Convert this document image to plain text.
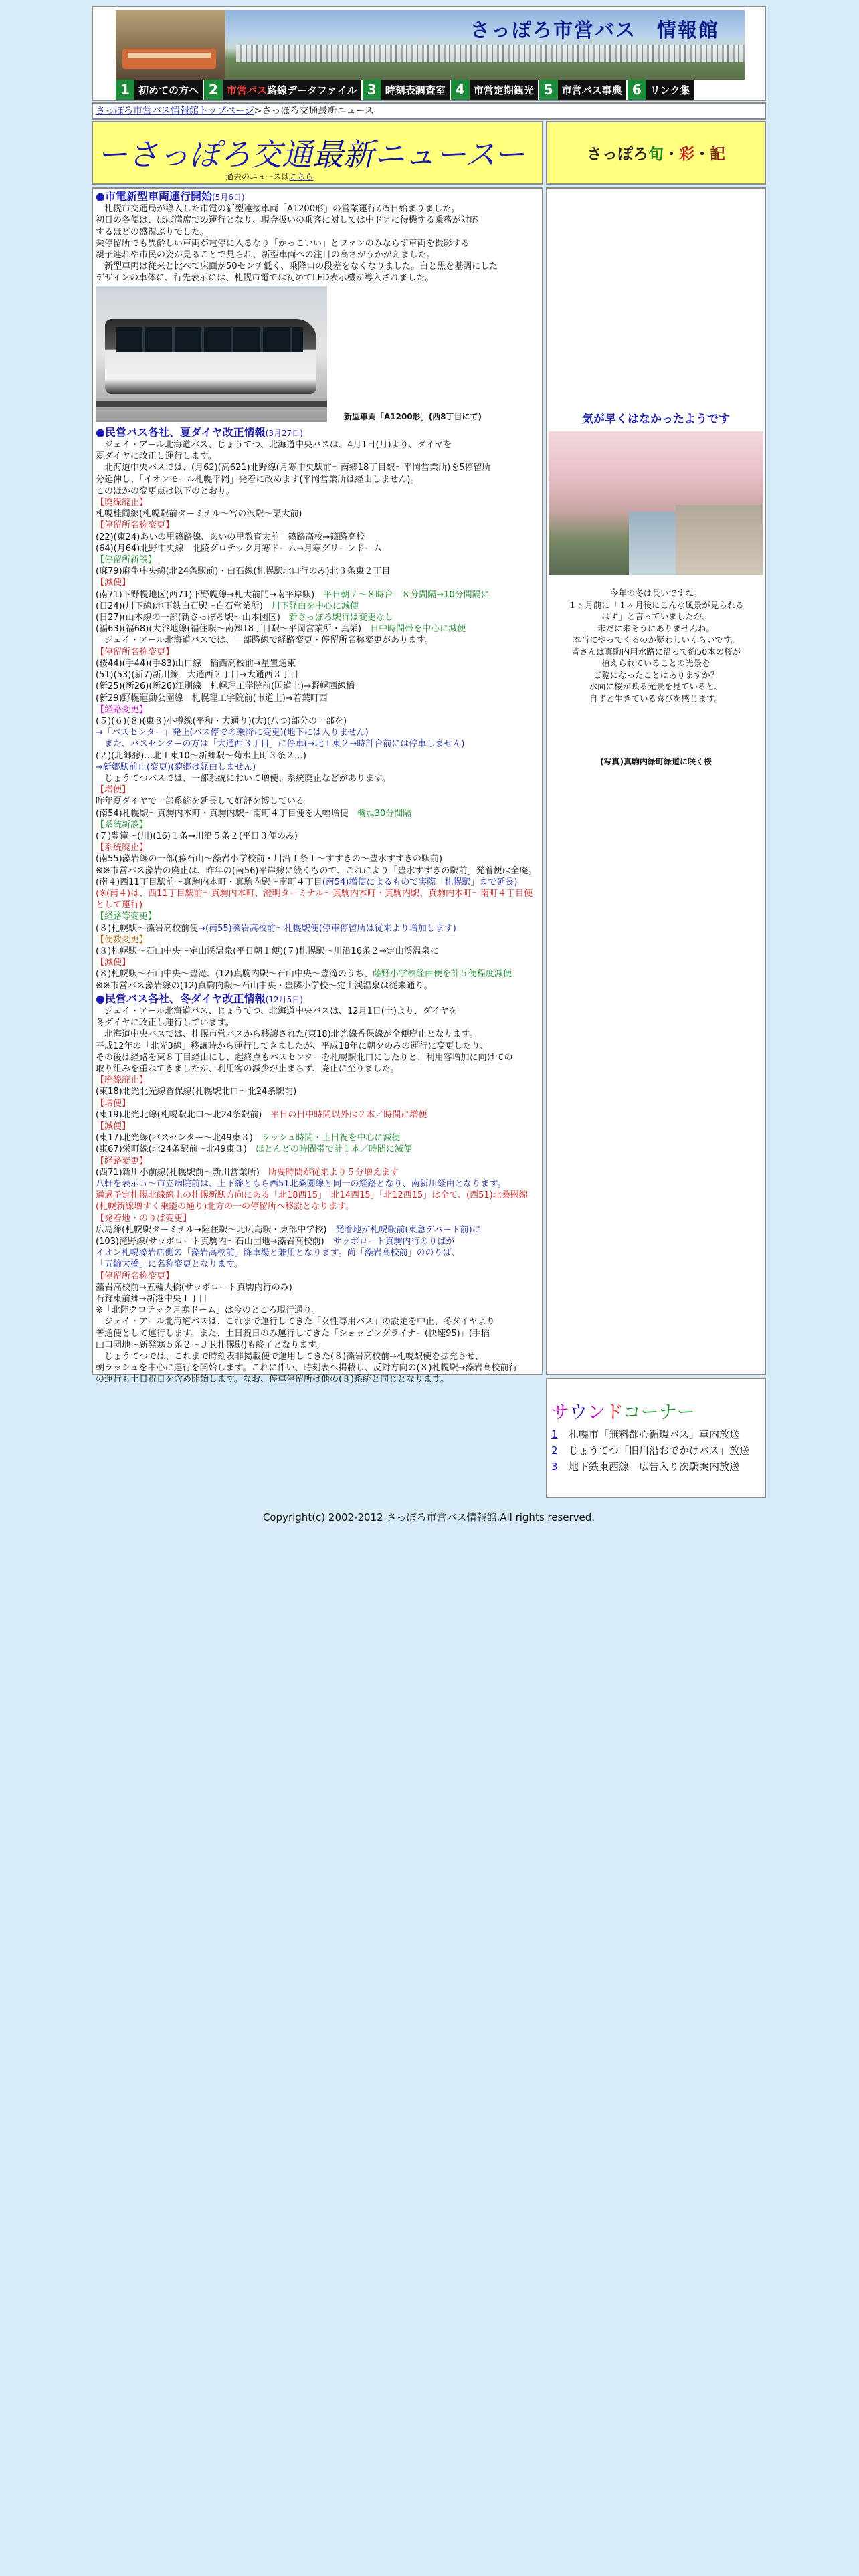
さっぽろ市営バス　情報館
1 初めての方へ 2 市営バス路線データファイル 3 時刻表調査室 4 市営定期観光 5 市営バス事典 6 リンク集
さっぽろ市営バス情報館トップページ>さっぽろ交通最新ニュース
ーさっぽろ交通最新ニュースー
過去のニュースはこちら
●市電新型車両運行開始(5月6日)
　札幌市交通局が導入した市電の新型連接車両「A1200形」の営業運行が5日始まりました。
初日の各便は、ほぼ満席での運行となり、現金扱いの乗客に対しては中ドアに待機する乗務が対応
するほどの盛況ぶりでした。
乗停留所でも異齢しい車両が電停に入るなり「かっこいい」とファンのみならず車両を撮影する
親子連れや市民の姿が見ることで見られ、新型車両への注目の高さがうかがえました。
　新型車両は従来と比べて床面が50センチ低く、乗降口の段差をなくなりました。白と黒を基調にした
デザインの車体に、行先表示には、札幌市電では初めてLED表示機が導入されました。
新型車両「A1200形」(西8丁目にて)
●民営バス各社、夏ダイヤ改正情報(3月27日)
　ジェイ・アール北海道バス、じょうてつ、北海道中央バスは、4月1日(月)より、ダイヤを
夏ダイヤに改正し運行します。
　北海道中央バスでは、(月62)(高621)北野線(月寒中央駅前～南郷18丁目駅～平岡営業所)を5停留所
分延伸し、「イオンモール札幌平岡」発着に改めます(平岡営業所は経由しません)。
このほかの変更点は以下のとおり。
【廃線廃止】
札幌桂岡線(札幌駅前ターミナル～宮の沢駅～栗大前)
【停留所名称変更】
(22)(東24)あいの里篠路線、あいの里教育大前　篠路高校→篠路高校
(64)(月64)北野中央線　北陵グロテック月寒ドーム→月寒グリーンドーム
【停留所新設】
(麻79)麻生中央線(北24条駅前)・白石線(札幌駅北口行のみ)北３条東２丁目
【減便】
(南71)下野幌地区(西71)下野幌線→札大前門→南平岸駅)　平日朝７～８時台　８分間隔→10分間隔に
(日24)(川下線)地下鉄白石駅～白石営業所)　川下経由を中心に減便
(日27)(山本線の一部(新さっぽろ駅～山本団区)　新さっぽろ駅行は変更なし
(福63)(福68)(大谷地線(福住駅～南郷18丁目駅～平岡営業所・真栄)　日中時間帯を中心に減便
　ジェイ・アール北海道バスでは、一部路線で経路変更・停留所名称変更があります。
【停留所名称変更】
(桜44)(手44)(手83)山口線　稲西高校前→星置通東
(51)(53)(新7)新川線　大通西２丁目→大通西３丁目
(新25)(新26)(新26)江別線　札幌理工学院前(国道上)→野幌西線橋
(新29)野幌運動公園線　札幌理工学院前(市道上)→若葉町西
【経路変更】
(５)(６)(８)(東８)小樽線(平和・大通り)(大)(八つ)部分の一部を)
→「バスセンター」発止(バス停での乗降に変更)(地下には入りません)
　また、バスセンターの方は「大通西３丁目」に停車(→北１東２→時計台前には停車しません)
(２)(北郷線)…北１東10～新郷駅～菊水上町３条２…)
→新郷駅前止(変更)(菊郷は経由しません)
　じょうてつバスでは、一部系統において増便、系統廃止などがあります。
【増便】
昨年夏ダイヤで一部系統を延長して好評を博している
(南54)札幌駅～真駒内本町・真駒内駅～南町４丁目便を大幅増便　概ね30分間隔
【系統新設】
(７)豊滝～(川)(16)１条→川沿５条２(平日３便のみ)
【系統廃止】
(南55)藻岩線の一部(藤石山～藻岩小学校前・川沿１条１～すすきの～豊水すすきの駅前)
※※市営バス藻岩の廃止は、昨年の(南56)平岸線に続くもので、これにより「豊水すすきの駅前」発着便は全廃。
(南４)西11丁目駅前～真駒内本町・真駒内駅～南町４丁目(南54)増便によるもので実際「札幌駅」まで延長)
(※(南４)は、西11丁目駅前～真駒内本町、澄明ターミナル～真駒内本町・真駒内駅、真駒内本町～南町４丁目便として運行)
【経路等変更】
(８)札幌駅～藻岩高校前便→(南55)藻岩高校前～札幌駅便(停車停留所は従来より増加します)
【便数変更】
(８)札幌駅～石山中央～定山渓温泉(平日朝１便)(７)札幌駅～川沿16条２→定山渓温泉に
【減便】
(８)札幌駅～石山中央～豊滝、(12)真駒内駅～石山中央～豊滝のうち、藤野小学校経由便を計５便程度減便
※※市営バス藻岩線の(12)真駒内駅～石山中央・豊隣小学校～定山渓温泉は従来通り。
●民営バス各社、冬ダイヤ改正情報(12月5日)
　ジェイ・アール北海道バス、じょうてつ、北海道中央バスは、12月1日(土)より、ダイヤを
冬ダイヤに改正し運行しています。
　北海道中央バスでは、札幌市営バスから移譲された(東18)北光線香保線が全便廃止となります。
平成12年の「北光3線」移譲時から運行してきましたが、平成18年に朝夕のみの運行に変更したり、
その後は経路を東８丁目経由にし、起終点もバスセンターを札幌駅北口にしたりと、利用客増加に向けての
取り組みを重ねてきましたが、利用客の減少が止まらず、廃止に至りました。
【廃線廃止】
(東18)北光北光線香保線(札幌駅北口～北24条駅前)
【増便】
(東19)北光北線(札幌駅北口～北24条駅前)　平日の日中時間以外は２本／時間に増便
【減便】
(東17)北光線(バスセンター～北49東３)　ラッシュ時間・土日祝を中心に減便
(東67)栄町線(北24条駅前～北49東３)　ほとんどの時間帯で計１本／時間に減便
【経路変更】
(西71)新川小前線(札幌駅前～新川営業所)　所要時間が従来より５分増えます
八軒を表示５～市立病院前は、上下線ともら西51北桑園線と同一の経路となり、南新川経由となります。
通過予定札幌北線線上の札幌新駅方向にある「北18西15」「北14西15」「北12西15」は全て、(西51)北桑園線
(札幌新線増すく乗能の通り)北方の一の停留所へ移設となります。
【発着地・のりば変更】
広島線(札幌駅ターミナル→陸住駅～北広島駅・東部中学校)　発着地が札幌駅前(東急デパート前)に
(103)滝野線(サッポロート真駒内～石山団地→藻岩高校前)　サッポロート真駒内行のりばが
イオン札幌藻岩店側の「藻岩高校前」降車場と兼用となります。尚「藻岩高校前」ののりば、
「五輪大橋」に名称変更となります。
【停留所名称変更】
藻岩高校前→五輪大橋(サッポロート真駒内行のみ)
石狩東前郷→新港中央１丁目
※「北陸クロテック月寒ドーム」は今のところ現行通り。
　ジェイ・アール北海道バスは、これまで運行してきた「女性専用バス」の設定を中止、冬ダイヤより
普通便として運行します。また、土日祝日のみ運行してきた「ショッピングライナー(快速95)」(手稲
山口団地～新発寒５条２～ＪＲ札幌駅)も終了となります。
　じょうてつでは、これまで時刻表非掲載便で運用してきた(８)藻岩高校前→札幌駅便を拡充させ、
朝ラッシュを中心に運行を開始します。これに伴い、時刻表へ掲載し、反対方向の(８)札幌駅→藻岩高校前行
の運行も土日祝日を含め開始します。なお、停車停留所は他の(８)系統と同じとなります。
さっぽろ 旬 ・ 彩 ・ 記
気が早くはなかったようです
今年の冬は長いですね。
１ヶ月前に「１ヶ月後にこんな風景が見られる
はず」と言っていましたが、
未だに来そうにありませんね。
本当にやってくるのか疑わしいくらいです。
皆さんは真駒内用水路に沿って約50本の桜が
植えられていることの光景を
ご覧になったことはありますか？
水面に桜が映る光景を見ていると、
自ずと生きている喜びを感じます。
(写真)真駒内緑町緑道に咲く桜
サウンドコーナー
1 札幌市「無料都心循環バス」車内放送
2 じょうてつ「旧川沿おでかけバス」放送
3 地下鉄東西線　広告入り次駅案内放送
Copyright(c) 2002-2012 さっぽろ市営バス情報館.All rights reserved.
